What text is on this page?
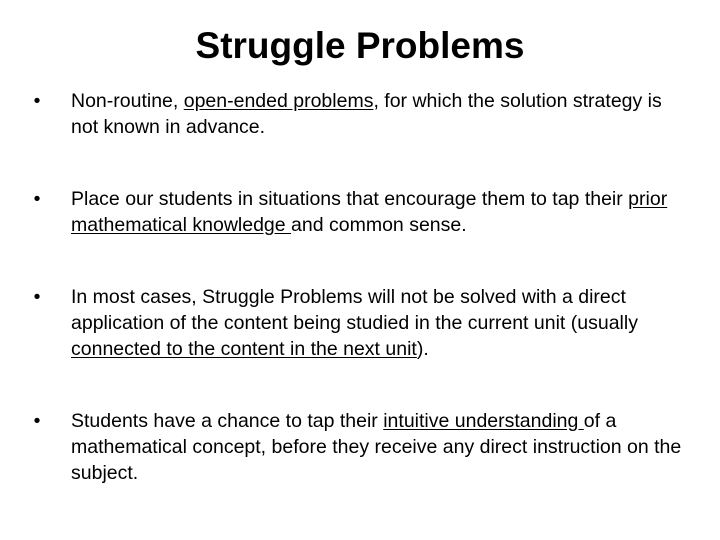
Struggle Problems
• Non-routine, open-ended problems, for which the solution strategy is not known in advance.
• Place our students in situations that encourage them to tap their prior mathematical knowledge and common sense.
• In most cases, Struggle Problems will not be solved with a direct application of the content being studied in the current unit (usually connected to the content in the next unit).
• Students have a chance to tap their intuitive understanding of a mathematical concept, before they receive any direct instruction on the subject.
